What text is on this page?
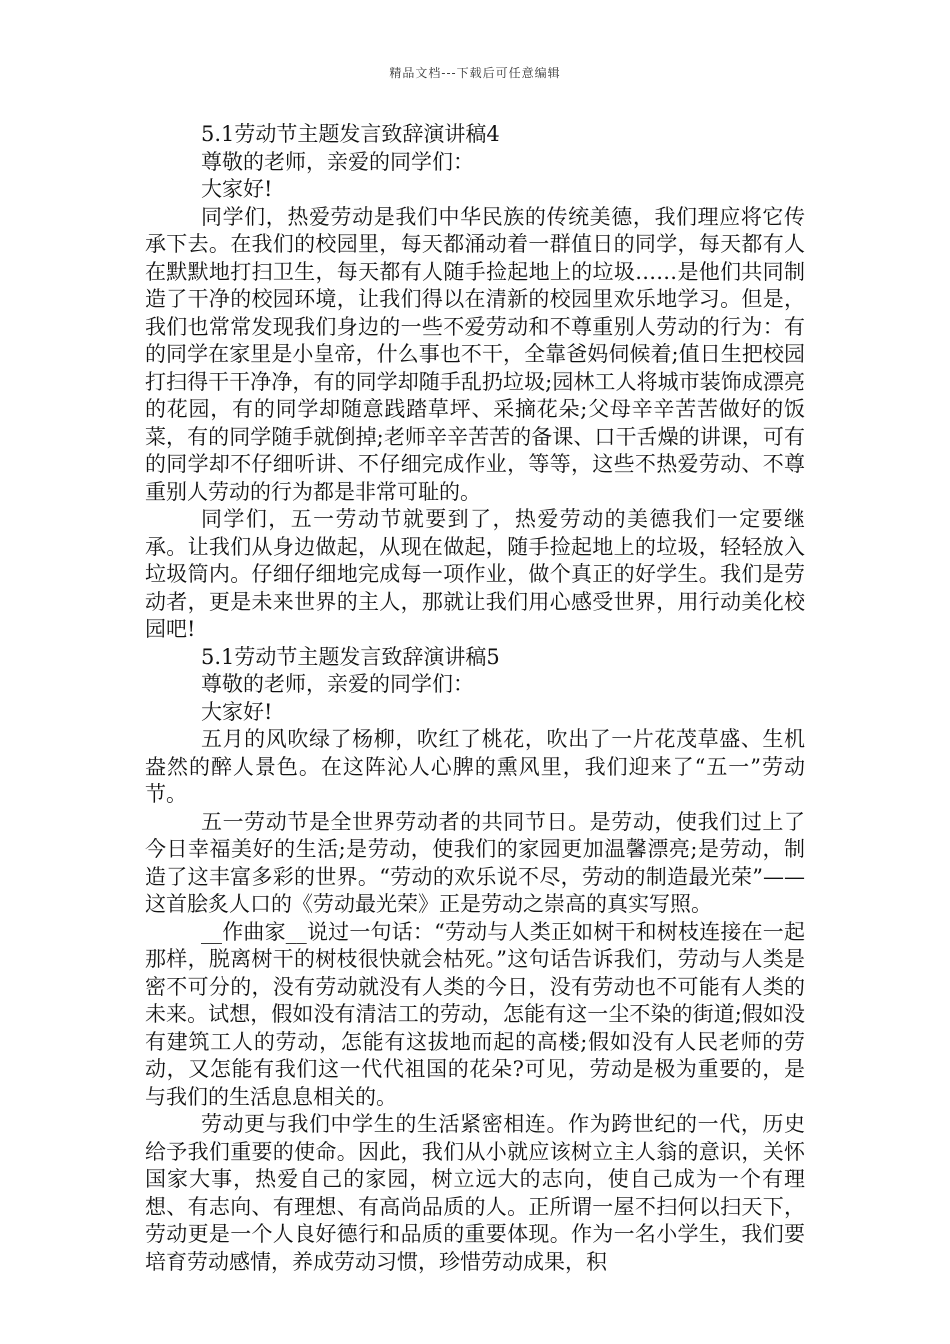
精品文档---下载后可任意编辑

5.1劳动节主题发言致辞演讲稿4

尊敬的老师，亲爱的同学们：

大家好!

同学们，热爱劳动是我们中华民族的传统美德，我们理应将它传承下去。在我们的校园里，每天都涌动着一群值日的同学，每天都有人在默默地打扫卫生，每天都有人随手捡起地上的垃圾……是他们共同制造了干净的校园环境，让我们得以在清新的校园里欢乐地学习。但是，我们也常常发现我们身边的一些不爱劳动和不尊重别人劳动的行为：有的同学在家里是小皇帝，什么事也不干，全靠爸妈伺候着;值日生把校园打扫得干干净净，有的同学却随手乱扔垃圾;园林工人将城市装饰成漂亮的花园，有的同学却随意践踏草坪、采摘花朵;父母辛辛苦苦做好的饭菜，有的同学随手就倒掉;老师辛辛苦苦的备课、口干舌燥的讲课，可有的同学却不仔细听讲、不仔细完成作业，等等，这些不热爱劳动、不尊重别人劳动的行为都是非常可耻的。

同学们，五一劳动节就要到了，热爱劳动的美德我们一定要继承。让我们从身边做起，从现在做起，随手捡起地上的垃圾，轻轻放入垃圾筒内。仔细仔细地完成每一项作业，做个真正的好学生。我们是劳动者，更是未来世界的主人，那就让我们用心感受世界，用行动美化校园吧!

5.1劳动节主题发言致辞演讲稿5

尊敬的老师，亲爱的同学们：

大家好!

五月的风吹绿了杨柳，吹红了桃花，吹出了一片花茂草盛、生机盎然的醉人景色。在这阵沁人心脾的熏风里，我们迎来了“五一”劳动节。

五一劳动节是全世界劳动者的共同节日。是劳动，使我们过上了今日幸福美好的生活;是劳动，使我们的家园更加温馨漂亮;是劳动，制造了这丰富多彩的世界。“劳动的欢乐说不尽，劳动的制造最光荣”——这首脍炙人口的《劳动最光荣》正是劳动之崇高的真实写照。

__作曲家__说过一句话：“劳动与人类正如树干和树枝连接在一起那样，脱离树干的树枝很快就会枯死。”这句话告诉我们，劳动与人类是密不可分的，没有劳动就没有人类的今日，没有劳动也不可能有人类的未来。试想，假如没有清洁工的劳动，怎能有这一尘不染的街道;假如没有建筑工人的劳动，怎能有这拔地而起的高楼;假如没有人民老师的劳动，又怎能有我们这一代代祖国的花朵?可见，劳动是极为重要的，是与我们的生活息息相关的。

劳动更与我们中学生的生活紧密相连。作为跨世纪的一代，历史给予我们重要的使命。因此，我们从小就应该树立主人翁的意识，关怀国家大事，热爱自己的家园，树立远大的志向，使自己成为一个有理想、有志向、有理想、有高尚品质的人。正所谓一屋不扫何以扫天下，劳动更是一个人良好德行和品质的重要体现。作为一名小学生，我们要培育劳动感情，养成劳动习惯，珍惜劳动成果，积
